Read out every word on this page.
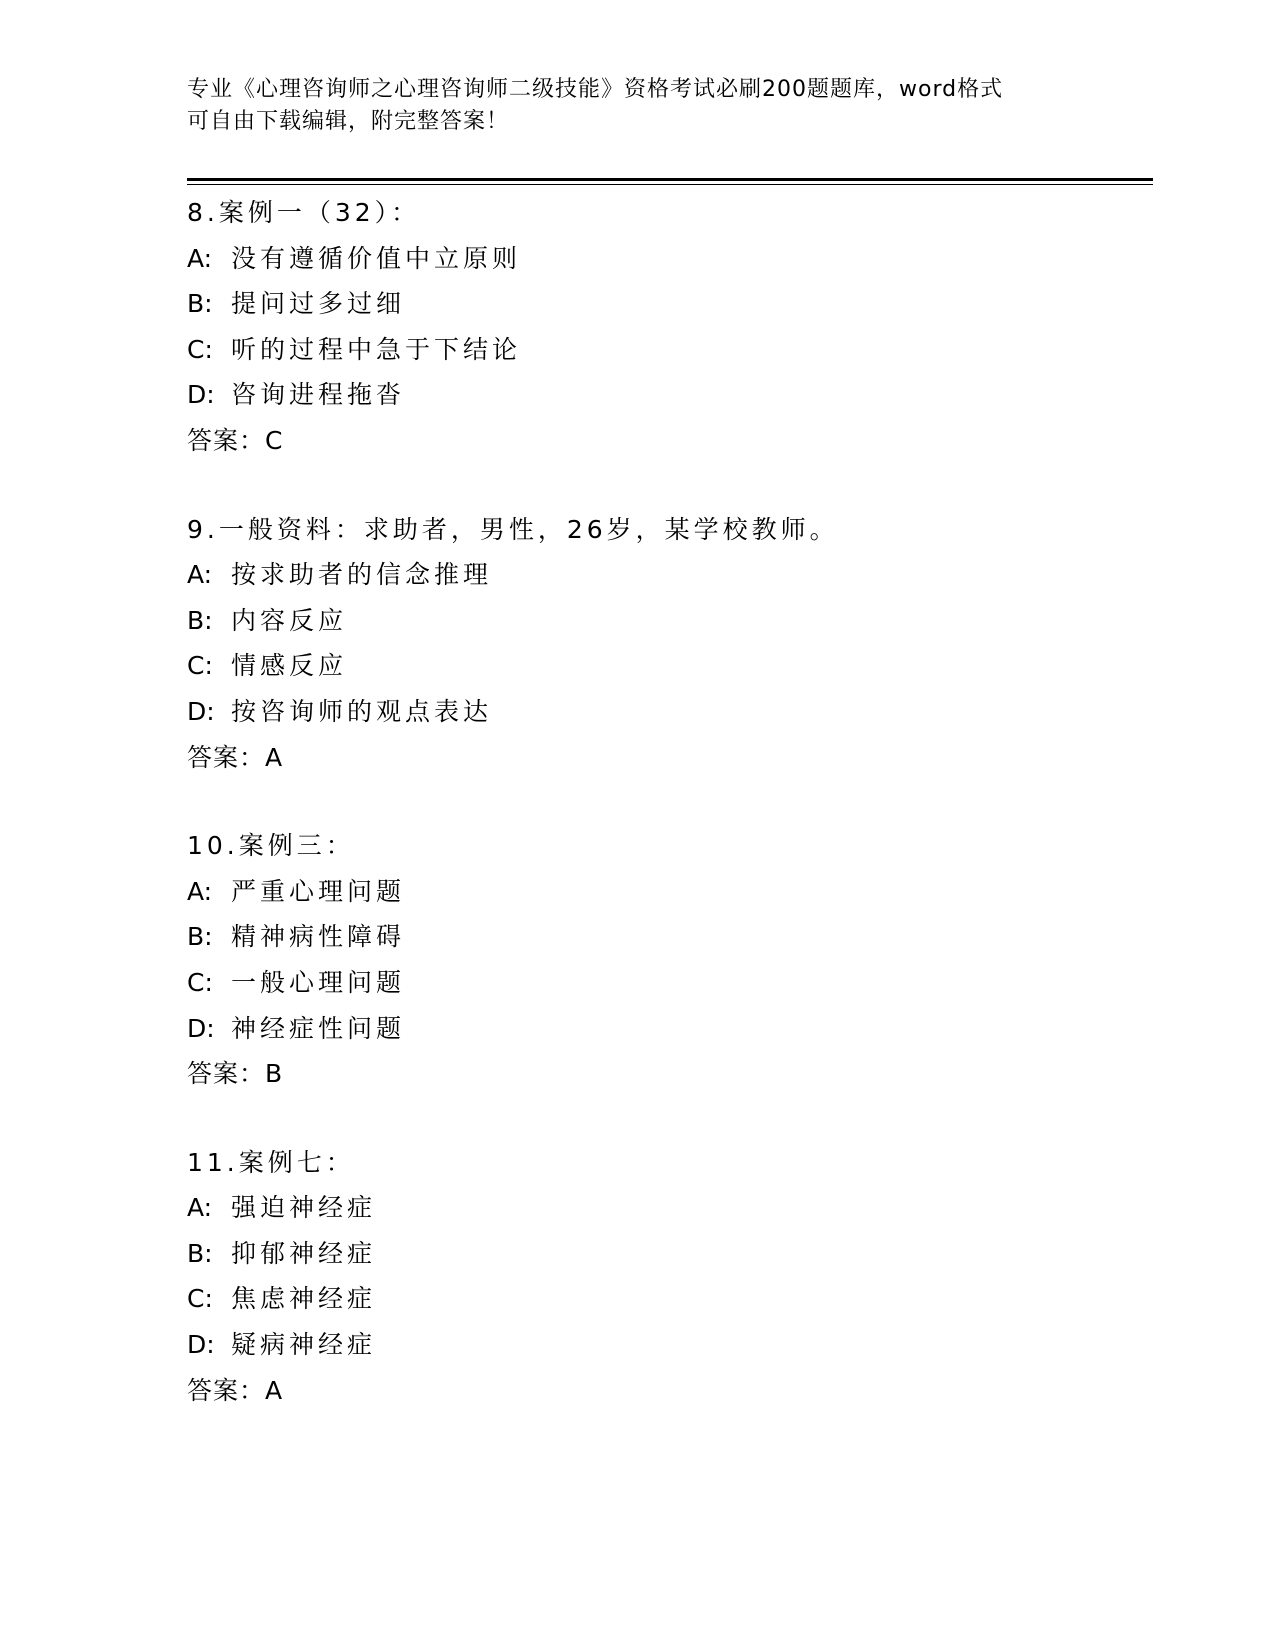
专业《心理咨询师之心理咨询师二级技能》资格考试必刷200题题库，word格式
可自由下载编辑，附完整答案！
8.案例一（32）：
A: 没有遵循价值中立原则
B: 提问过多过细
C: 听的过程中急于下结论
D: 咨询进程拖沓
答案：C
9.一般资料：求助者，男性，26岁，某学校教师。
A: 按求助者的信念推理
B: 内容反应
C: 情感反应
D: 按咨询师的观点表达
答案：A
10.案例三：
A: 严重心理问题
B: 精神病性障碍
C: 一般心理问题
D: 神经症性问题
答案：B
11.案例七：
A: 强迫神经症
B: 抑郁神经症
C: 焦虑神经症
D: 疑病神经症
答案：A
